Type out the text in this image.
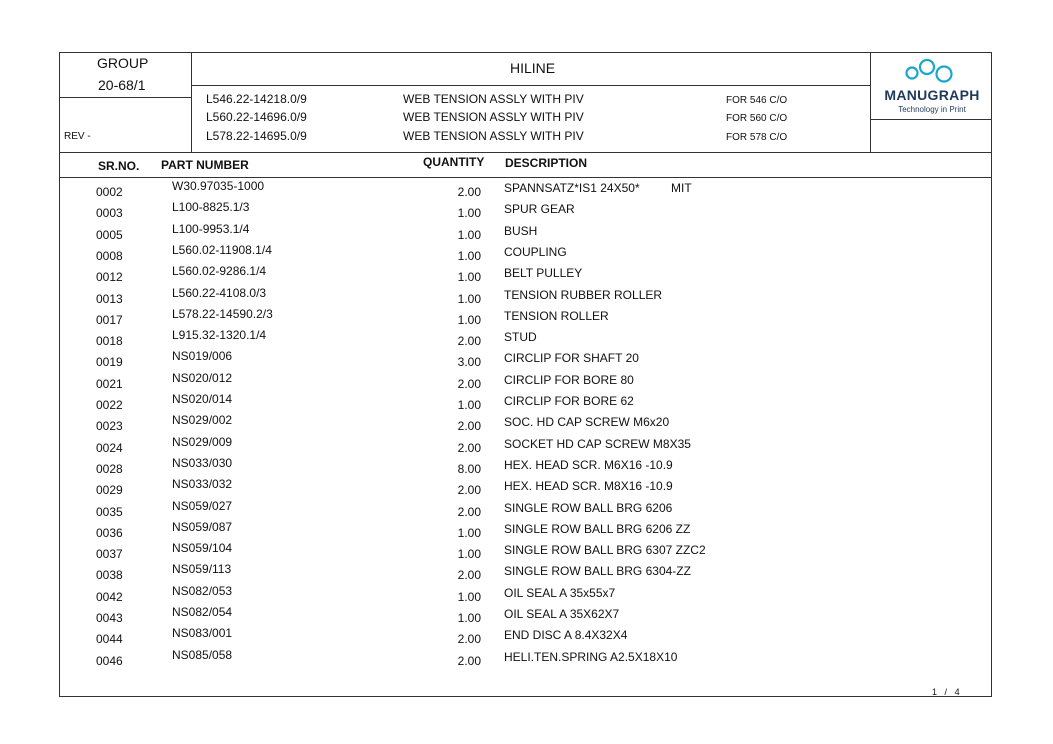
GROUP
20-68/1
REV -
HILINE
L546.22-14218.0/9	WEB TENSION ASSLY WITH PIV	FOR 546 C/O
L560.22-14696.0/9	WEB TENSION ASSLY WITH PIV	FOR 560 C/O
L578.22-14695.0/9	WEB TENSION ASSLY WITH PIV	FOR 578 C/O
MANUGRAPH
Technology in Print
SR.NO. PART NUMBER	QUANTITY DESCRIPTION
0002	W30.97035-1000	2.00 SPANNSATZ*IS1 24X50*	MIT
0003	L100-8825.1/3	1.00 SPUR GEAR
0005	L100-9953.1/4	1.00 BUSH
0008	L560.02-11908.1/4	1.00 COUPLING
0012	L560.02-9286.1/4	1.00 BELT PULLEY
0013	L560.22-4108.0/3	1.00 TENSION RUBBER ROLLER
0017	L578.22-14590.2/3	1.00 TENSION ROLLER
0018	L915.32-1320.1/4	2.00 STUD
0019	NS019/006	3.00 CIRCLIP FOR SHAFT 20
0021	NS020/012	2.00 CIRCLIP FOR BORE 80
0022	NS020/014	1.00 CIRCLIP FOR BORE 62
0023	NS029/002	2.00 SOC. HD CAP SCREW M6x20
0024	NS029/009	2.00 SOCKET HD CAP SCREW M8X35
0028	NS033/030	8.00 HEX. HEAD SCR. M6X16 -10.9
0029	NS033/032	2.00 HEX. HEAD SCR. M8X16 -10.9
0035	NS059/027	2.00 SINGLE ROW BALL BRG 6206
0036	NS059/087	1.00 SINGLE ROW BALL BRG 6206 ZZ
0037	NS059/104	1.00 SINGLE ROW BALL BRG 6307 ZZC2
0038	NS059/113	2.00 SINGLE ROW BALL BRG 6304-ZZ
0042	NS082/053	1.00 OIL SEAL A 35x55x7
0043	NS082/054	1.00 OIL SEAL A 35X62X7
0044	NS083/001	2.00 END DISC A 8.4X32X4
0046	NS085/058	2.00 HELI.TEN.SPRING A2.5X18X10
1 / 4
